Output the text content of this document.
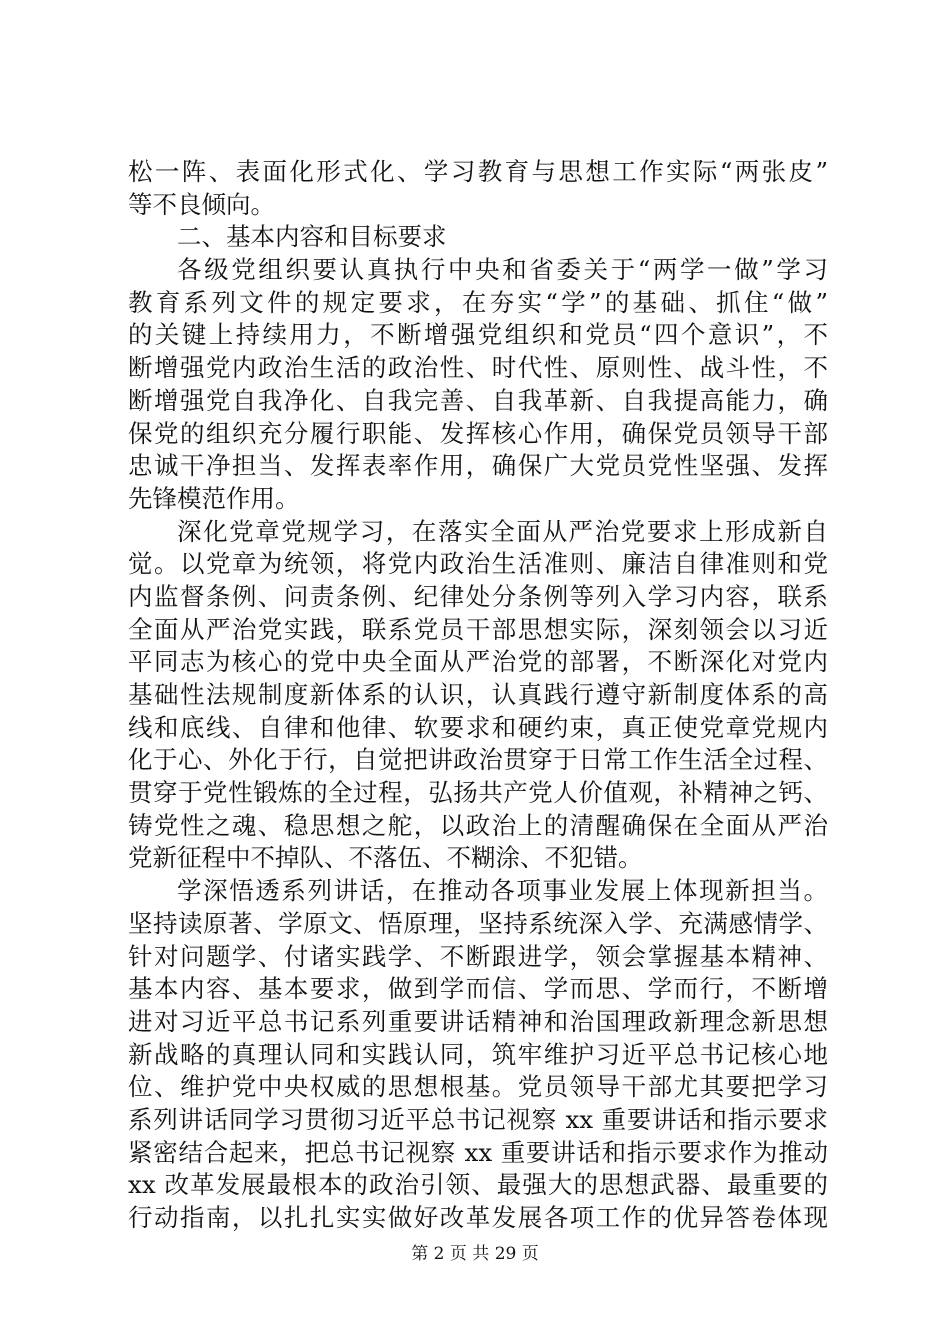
松一阵、表面化形式化、学习教育与思想工作实际“两张皮”
等不良倾向。
二、基本内容和目标要求
各级党组织要认真执行中央和省委关于“两学一做”学习
教育系列文件的规定要求，在夯实“学”的基础、抓住“做”
的关键上持续用力，不断增强党组织和党员“四个意识”，不
断增强党内政治生活的政治性、时代性、原则性、战斗性，不
断增强党自我净化、自我完善、自我革新、自我提高能力，确
保党的组织充分履行职能、发挥核心作用，确保党员领导干部
忠诚干净担当、发挥表率作用，确保广大党员党性坚强、发挥
先锋模范作用。
深化党章党规学习，在落实全面从严治党要求上形成新自
觉。以党章为统领，将党内政治生活准则、廉洁自律准则和党
内监督条例、问责条例、纪律处分条例等列入学习内容，联系
全面从严治党实践，联系党员干部思想实际，深刻领会以习近
平同志为核心的党中央全面从严治党的部署，不断深化对党内
基础性法规制度新体系的认识，认真践行遵守新制度体系的高
线和底线、自律和他律、软要求和硬约束，真正使党章党规内
化于心、外化于行，自觉把讲政治贯穿于日常工作生活全过程、
贯穿于党性锻炼的全过程，弘扬共产党人价值观，补精神之钙、
铸党性之魂、稳思想之舵，以政治上的清醒确保在全面从严治
党新征程中不掉队、不落伍、不糊涂、不犯错。
学深悟透系列讲话，在推动各项事业发展上体现新担当。
坚持读原著、学原文、悟原理，坚持系统深入学、充满感情学、
针对问题学、付诸实践学、不断跟进学，领会掌握基本精神、
基本内容、基本要求，做到学而信、学而思、学而行，不断增
进对习近平总书记系列重要讲话精神和治国理政新理念新思想
新战略的真理认同和实践认同，筑牢维护习近平总书记核心地
位、维护党中央权威的思想根基。党员领导干部尤其要把学习
系列讲话同学习贯彻习近平总书记视察 xx 重要讲话和指示要求
紧密结合起来，把总书记视察 xx 重要讲话和指示要求作为推动
xx 改革发展最根本的政治引领、最强大的思想武器、最重要的
行动指南，以扎扎实实做好改革发展各项工作的优异答卷体现
第 2 页 共 29 页
